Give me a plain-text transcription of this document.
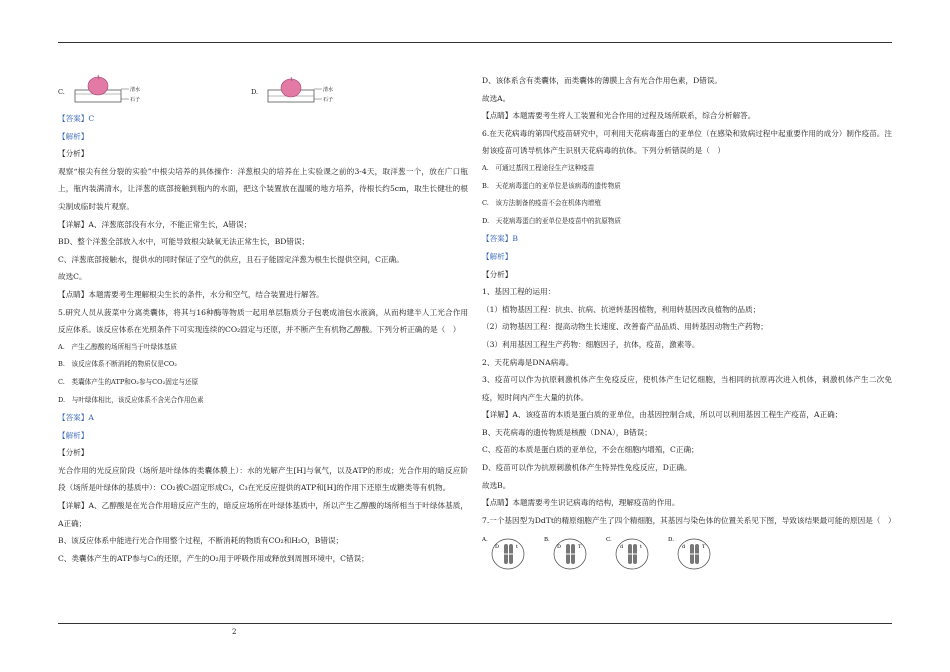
C.	清水
石子
D.	清水
石子
【答案】C
【解析】
【分析】
观察“根尖有丝分裂的实验”中根尖培养的具体操作：洋葱根尖的培养在上实验课之前的3-4天，取洋葱一个，放在广口瓶上，瓶内装满清水，让洋葱的底部接触到瓶内的水面，把这个装置放在温暖的地方培养，待根长约5cm，取生长健壮的根尖制成临时装片观察。
【详解】A、洋葱底部没有水分，不能正常生长，A错误；
BD、整个洋葱全部放入水中，可能导致根尖缺氧无法正常生长，BD错误；
C、洋葱底部接触水，提供水的同时保证了空气的供应，且石子能固定洋葱为根生长提供空间，C正确。
故选C。
【点睛】本题需要考生理解根尖生长的条件，水分和空气，结合装置进行解答。
5.研究人员从菠菜中分离类囊体，将其与16种酶等物质一起用单层脂质分子包裹成油包水液滴，从而构建半人工光合作用反应体系。该反应体系在光照条件下可实现连续的CO₂固定与还原，并不断产生有机物乙醇酸。下列分析正确的是（　）
A.　产生乙醇酸的场所相当于叶绿体基质
B.　该反应体系不断消耗的物质仅是CO₂
C.　类囊体产生的ATP和O₂参与CO₂固定与还原
D.　与叶绿体相比，该反应体系不含光合作用色素
【答案】A
【解析】
【分析】
光合作用的光反应阶段（场所是叶绿体的类囊体膜上）：水的光解产生[H]与氧气，以及ATP的形成；光合作用的暗反应阶段（场所是叶绿体的基质中）：CO₂被C₅固定形成C₃，C₃在光反应提供的ATP和[H]的作用下还原生成糖类等有机物。
【详解】A、乙醇酸是在光合作用暗反应产生的，暗反应场所在叶绿体基质中，所以产生乙醇酸的场所相当于叶绿体基质，A正确；
B、该反应体系中能进行光合作用整个过程，不断消耗的物质有CO₂和H₂O，B错误；
C、类囊体产生的ATP参与C₃的还原，产生的O₂用于呼吸作用或释放到周围环境中，C错误；
D、该体系含有类囊体，而类囊体的薄膜上含有光合作用色素，D错误。
故选A。
【点睛】本题需要考生将人工装置和光合作用的过程及场所联系，综合分析解答。
6.在天花病毒的第四代疫苗研究中，可利用天花病毒蛋白的亚单位（在感染和致病过程中起重要作用的成分）制作疫苗。注射该疫苗可诱导机体产生识别天花病毒的抗体。下列分析错误的是（　）
A.　可通过基因工程途径生产这种疫苗
B.　天花病毒蛋白的亚单位是该病毒的遗传物质
C.　该方法制备的疫苗不会在机体内增殖
D.　天花病毒蛋白的亚单位是疫苗中的抗原物质
【答案】B
【解析】
【分析】
1、基因工程的运用：
（1）植物基因工程：抗虫、抗病、抗逆转基因植物，利用转基因改良植物的品质；
（2）动物基因工程：提高动物生长速度、改善畜产品品质、用转基因动物生产药物；
（3）利用基因工程生产药物：细胞因子，抗体，疫苗，激素等。
2、天花病毒是DNA病毒。
3、疫苗可以作为抗原刺激机体产生免疫反应，使机体产生记忆细胞，当相同的抗原再次进入机体，刺激机体产生二次免疫，短时间内产生大量的抗体。
【详解】A、该疫苗的本质是蛋白质的亚单位，由基因控制合成，所以可以利用基因工程生产疫苗，A正确；
B、天花病毒的遗传物质是核酸（DNA），B错误；
C、疫苗的本质是蛋白质的亚单位，不会在细胞内增殖，C正确；
D、疫苗可以作为抗原刺激机体产生特异性免疫反应，D正确。
故选B。
【点睛】本题需要考生识记病毒的结构，理解疫苗的作用。
7.一个基因型为DdTt的精原细胞产生了四个精细胞，其基因与染色体的位置关系见下图，导致该结果最可能的原因是（　）
A.
D	t
B.
D	T
C.
d	t
D.
d	T
2
